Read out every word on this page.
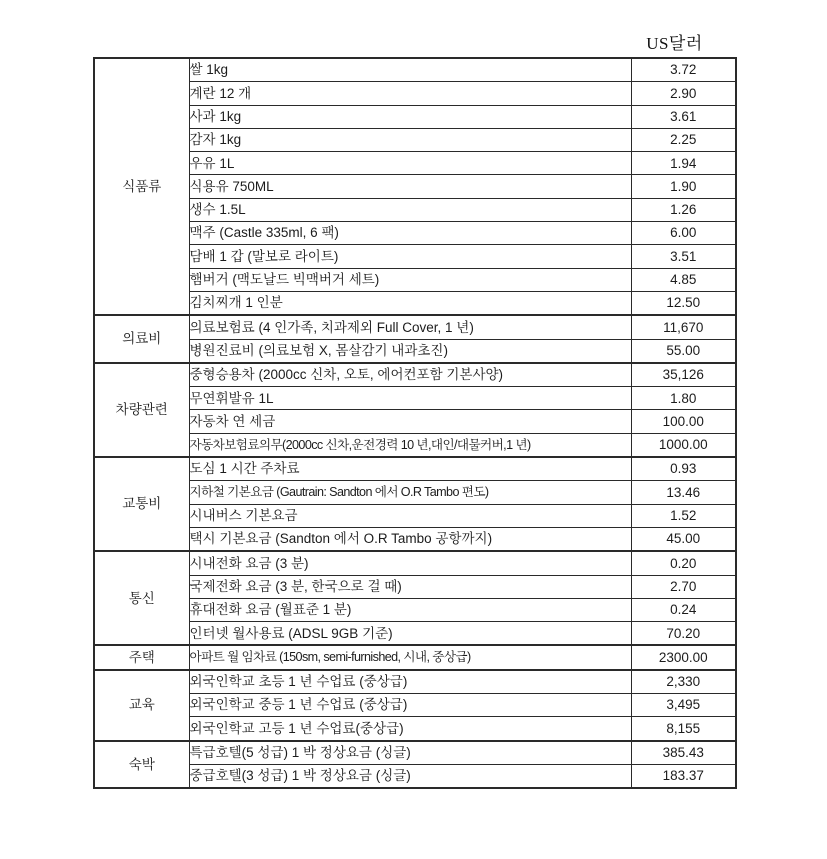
US달러
식품류	쌀 1kg	3.72
	계란 12 개	2.90
	사과 1kg	3.61
	감자 1kg	2.25
	우유 1L	1.94
	식용유 750ML	1.90
	생수 1.5L	1.26
	맥주 (Castle 335ml, 6 팩)	6.00
	담배 1 갑 (말보로 라이트)	3.51
	햄버거 (맥도날드 빅맥버거 세트)	4.85
	김치찌개 1 인분	12.50
의료비	의료보험료 (4 인가족, 치과제외 Full Cover, 1 년)	11,670
	병원진료비 (의료보험 X, 몸살감기 내과초진)	55.00
차량관련	중형승용차 (2000cc 신차, 오토, 에어컨포함 기본사양)	35,126
	무연휘발유 1L	1.80
	자동차 연 세금	100.00
	자동차보험료의무(2000cc 신차,운전경력 10 년,대인/대물커버,1 년)	1000.00
교통비	도심 1 시간 주차료	0.93
	지하철 기본요금 (Gautrain: Sandton 에서 O.R Tambo 편도)	13.46
	시내버스 기본요금	1.52
	택시 기본요금 (Sandton 에서 O.R Tambo 공항까지)	45.00
통신	시내전화 요금 (3 분)	0.20
	국제전화 요금 (3 분, 한국으로 걸 때)	2.70
	휴대전화 요금 (월표준 1 분)	0.24
	인터넷 월사용료 (ADSL 9GB 기준)	70.20
주택	아파트 월 임차료 (150sm, semi-furnished, 시내, 중상급)	2300.00
교육	외국인학교 초등 1 년 수업료 (중상급)	2,330
	외국인학교 중등 1 년 수업료 (중상급)	3,495
	외국인학교 고등 1 년 수업료(중상급)	8,155
숙박	특급호텔(5 성급) 1 박 정상요금 (싱글)	385.43
	중급호텔(3 성급) 1 박 정상요금 (싱글)	183.37
